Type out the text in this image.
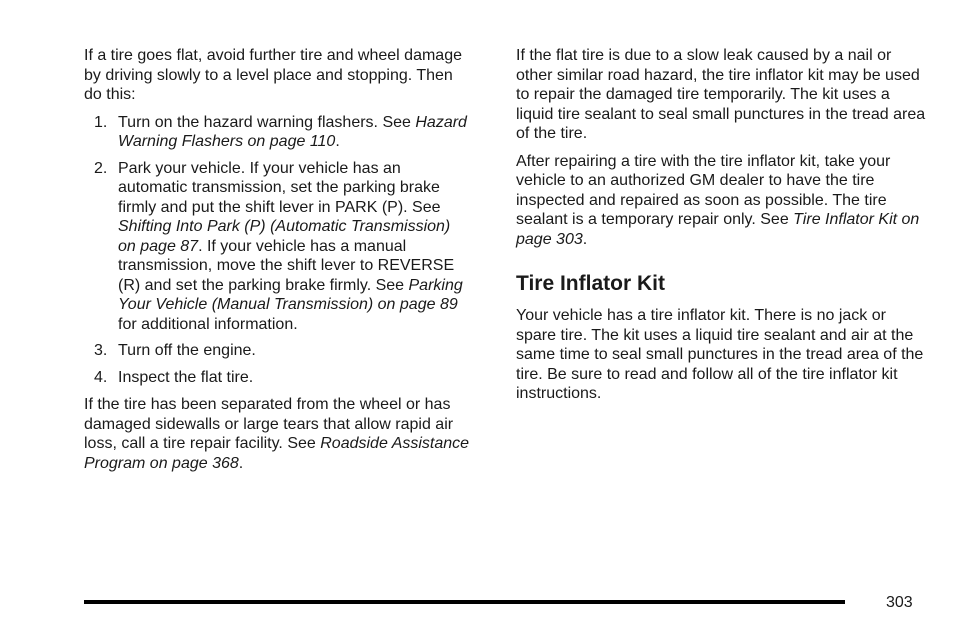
If a tire goes flat, avoid further tire and wheel damage by driving slowly to a level place and stopping. Then do this:

1. Turn on the hazard warning flashers. See Hazard Warning Flashers on page 110.
2. Park your vehicle. If your vehicle has an automatic transmission, set the parking brake firmly and put the shift lever in PARK (P). See Shifting Into Park (P) (Automatic Transmission) on page 87. If your vehicle has a manual transmission, move the shift lever to REVERSE (R) and set the parking brake firmly. See Parking Your Vehicle (Manual Transmission) on page 89 for additional information.
3. Turn off the engine.
4. Inspect the flat tire.

If the tire has been separated from the wheel or has damaged sidewalls or large tears that allow rapid air loss, call a tire repair facility. See Roadside Assistance Program on page 368.

If the flat tire is due to a slow leak caused by a nail or other similar road hazard, the tire inflator kit may be used to repair the damaged tire temporarily. The kit uses a liquid tire sealant to seal small punctures in the tread area of the tire.

After repairing a tire with the tire inflator kit, take your vehicle to an authorized GM dealer to have the tire inspected and repaired as soon as possible. The tire sealant is a temporary repair only. See Tire Inflator Kit on page 303.

Tire Inflator Kit

Your vehicle has a tire inflator kit. There is no jack or spare tire. The kit uses a liquid tire sealant and air at the same time to seal small punctures in the tread area of the tire. Be sure to read and follow all of the tire inflator kit instructions.

303
